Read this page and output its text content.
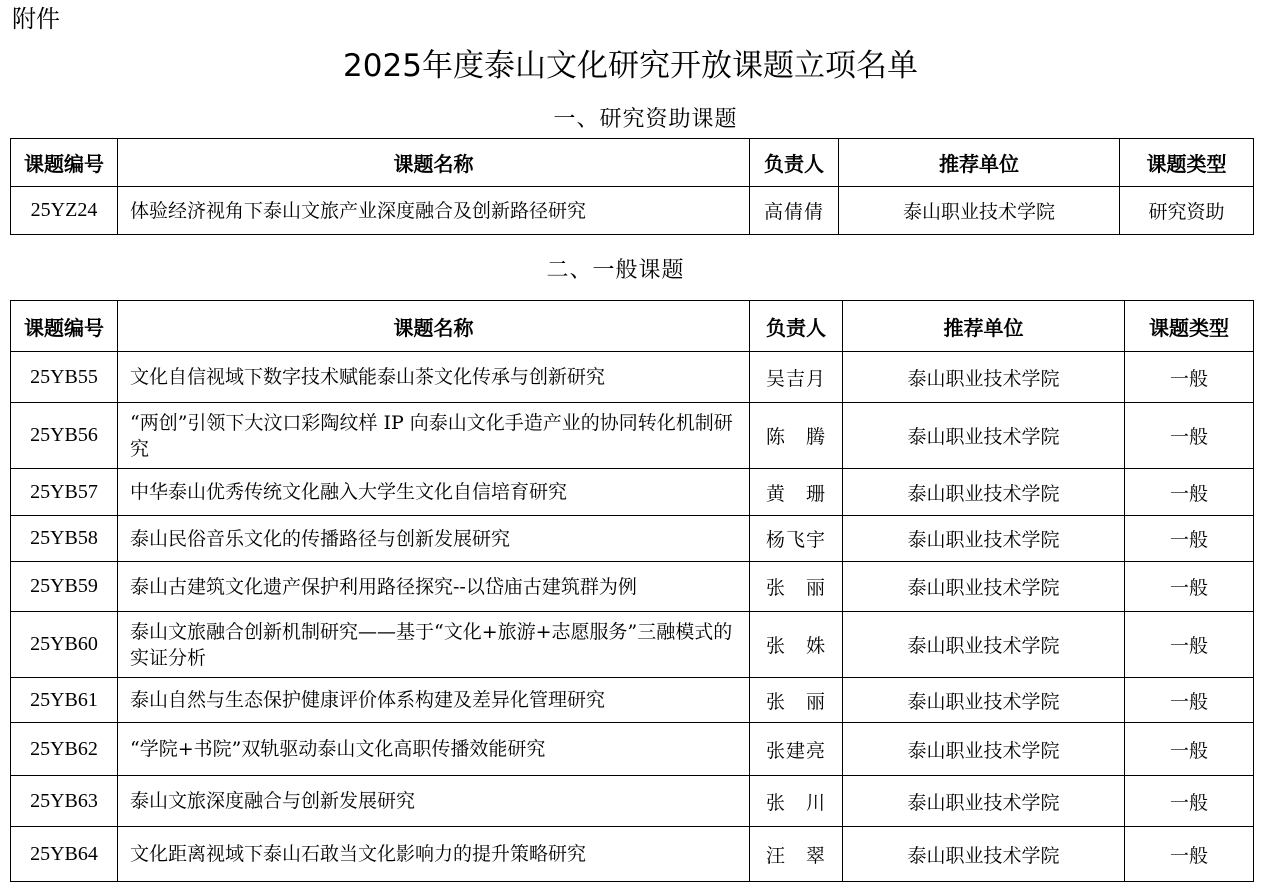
附件
2025年度泰山文化研究开放课题立项名单
一、研究资助课题
课题编号	课题名称	负责人	推荐单位	课题类型
25YZ24	体验经济视角下泰山文旅产业深度融合及创新路径研究	高倩倩	泰山职业技术学院	研究资助
二、一般课题
课题编号	课题名称	负责人	推荐单位	课题类型
25YB55	文化自信视域下数字技术赋能泰山茶文化传承与创新研究	吴吉月	泰山职业技术学院	一般
25YB56	“两创”引领下大汶口彩陶纹样 IP 向泰山文化手造产业的协同转化机制研究	陈　腾	泰山职业技术学院	一般
25YB57	中华泰山优秀传统文化融入大学生文化自信培育研究	黄　珊	泰山职业技术学院	一般
25YB58	泰山民俗音乐文化的传播路径与创新发展研究	杨飞宇	泰山职业技术学院	一般
25YB59	泰山古建筑文化遗产保护利用路径探究--以岱庙古建筑群为例	张　丽	泰山职业技术学院	一般
25YB60	泰山文旅融合创新机制研究——基于“文化+旅游+志愿服务”三融模式的实证分析	张　姝	泰山职业技术学院	一般
25YB61	泰山自然与生态保护健康评价体系构建及差异化管理研究	张　丽	泰山职业技术学院	一般
25YB62	“学院+书院”双轨驱动泰山文化高职传播效能研究	张建亮	泰山职业技术学院	一般
25YB63	泰山文旅深度融合与创新发展研究	张　川	泰山职业技术学院	一般
25YB64	文化距离视域下泰山石敢当文化影响力的提升策略研究	汪　翠	泰山职业技术学院	一般
